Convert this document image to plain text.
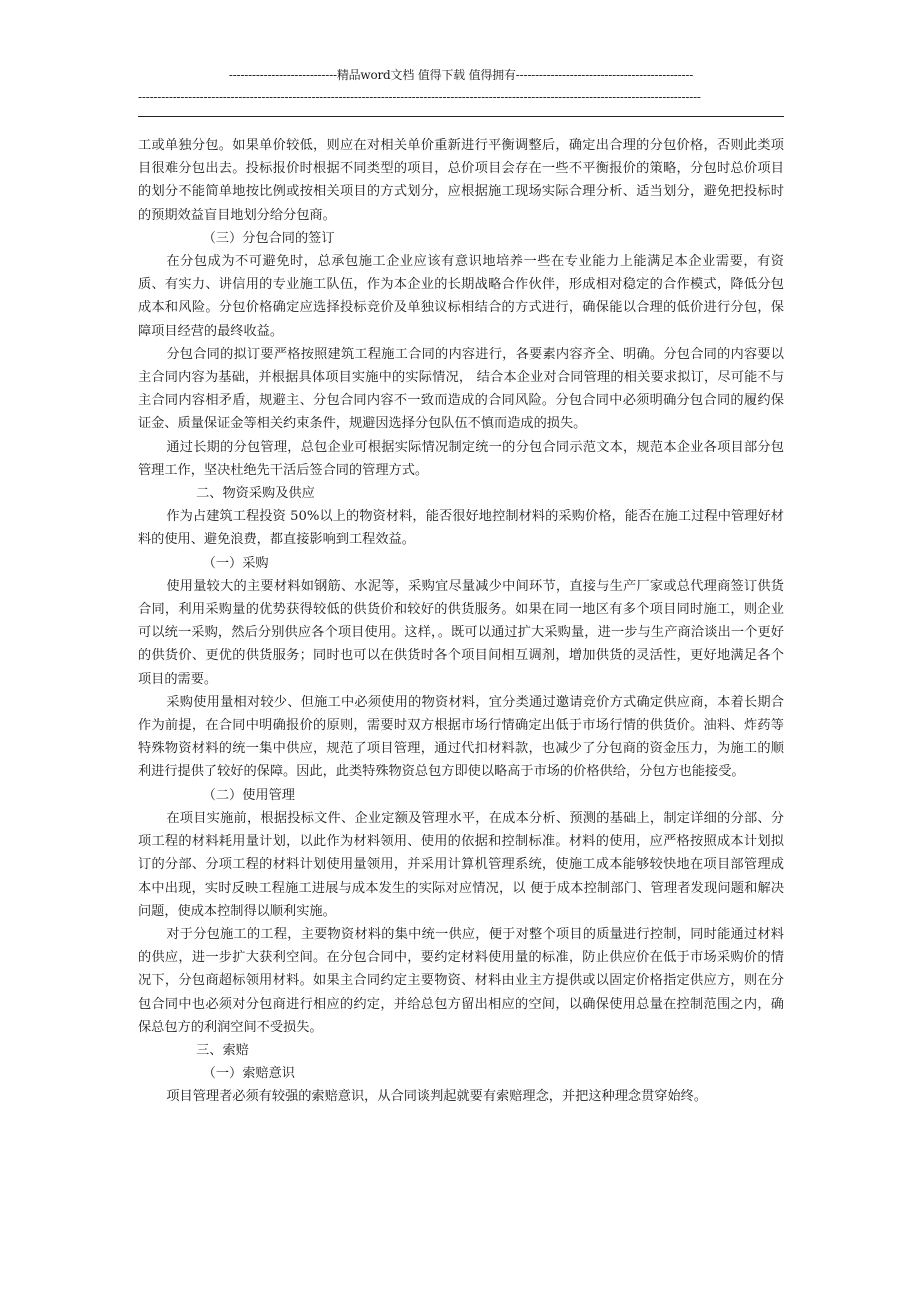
----------------------------精品word文档 值得下载 值得拥有----------------------------------------------
--------------------------------------------------------------------------------------------------------------------------------------------------

工或单独分包。如果单价较低，则应在对相关单价重新进行平衡调整后，确定出合理的分包价格，否则此类项目很难分包出去。投标报价时根据不同类型的项目，总价项目会存在一些不平衡报价的策略，分包时总价项目的划分不能简单地按比例或按相关项目的方式划分，应根据施工现场实际合理分析、适当划分，避免把投标时的预期效益盲目地划分给分包商。

（三）分包合同的签订

在分包成为不可避免时，总承包施工企业应该有意识地培养一些在专业能力上能满足本企业需要，有资质、有实力、讲信用的专业施工队伍，作为本企业的长期战略合作伙伴，形成相对稳定的合作模式，降低分包成本和风险。分包价格确定应选择投标竞价及单独议标相结合的方式进行，确保能以合理的低价进行分包，保障项目经营的最终收益。

分包合同的拟订要严格按照建筑工程施工合同的内容进行，各要素内容齐全、明确。分包合同的内容要以主合同内容为基础，并根据具体项目实施中的实际情况， 结合本企业对合同管理的相关要求拟订，尽可能不与主合同内容相矛盾，规避主、分包合同内容不一致而造成的合同风险。分包合同中必须明确分包合同的履约保证金、质量保证金等相关约束条件，规避因选择分包队伍不慎而造成的损失。

通过长期的分包管理，总包企业可根据实际情况制定统一的分包合同示范文本，规范本企业各项目部分包管理工作，坚决杜绝先干活后签合同的管理方式。

二、物资采购及供应

作为占建筑工程投资 50%以上的物资材料，能否很好地控制材料的采购价格，能否在施工过程中管理好材料的使用、避免浪费，都直接影响到工程效益。

（一）采购

使用量较大的主要材料如钢筋、水泥等，采购宜尽量减少中间环节，直接与生产厂家或总代理商签订供货合同，利用采购量的优势获得较低的供货价和较好的供货服务。如果在同一地区有多个项目同时施工，则企业可以统一采购，然后分别供应各个项目使用。这样，。既可以通过扩大采购量，进一步与生产商洽谈出一个更好的供货价、更优的供货服务；同时也可以在供货时各个项目间相互调剂，增加供货的灵活性，更好地满足各个项目的需要。

采购使用量相对较少、但施工中必须使用的物资材料，宜分类通过邀请竞价方式确定供应商，本着长期合作为前提，在合同中明确报价的原则，需要时双方根据市场行情确定出低于市场行情的供货价。油料、炸药等特殊物资材料的统一集中供应，规范了项目管理，通过代扣材料款，也减少了分包商的资金压力，为施工的顺利进行提供了较好的保障。因此，此类特殊物资总包方即使以略高于市场的价格供给，分包方也能接受。

（二）使用管理

在项目实施前，根据投标文件、企业定额及管理水平，在成本分析、预测的基础上，制定详细的分部、分项工程的材料耗用量计划，以此作为材料领用、使用的依据和控制标准。材料的使用，应严格按照成本计划拟订的分部、分项工程的材料计划使用量领用，并采用计算机管理系统，使施工成本能够较快地在项目部管理成本中出现，实时反映工程施工进展与成本发生的实际对应情况，以 便于成本控制部门、管理者发现问题和解决问题，使成本控制得以顺利实施。

对于分包施工的工程，主要物资材料的集中统一供应，便于对整个项目的质量进行控制，同时能通过材料的供应，进一步扩大获利空间。在分包合同中，要约定材料使用量的标准，防止供应价在低于市场采购价的情况下，分包商超标领用材料。如果主合同约定主要物资、材料由业主方提供或以固定价格指定供应方，则在分包合同中也必须对分包商进行相应的约定，并给总包方留出相应的空间，以确保使用总量在控制范围之内，确保总包方的利润空间不受损失。

三、索赔

（一）索赔意识

项目管理者必须有较强的索赔意识，从合同谈判起就要有索赔理念，并把这种理念贯穿始终。
